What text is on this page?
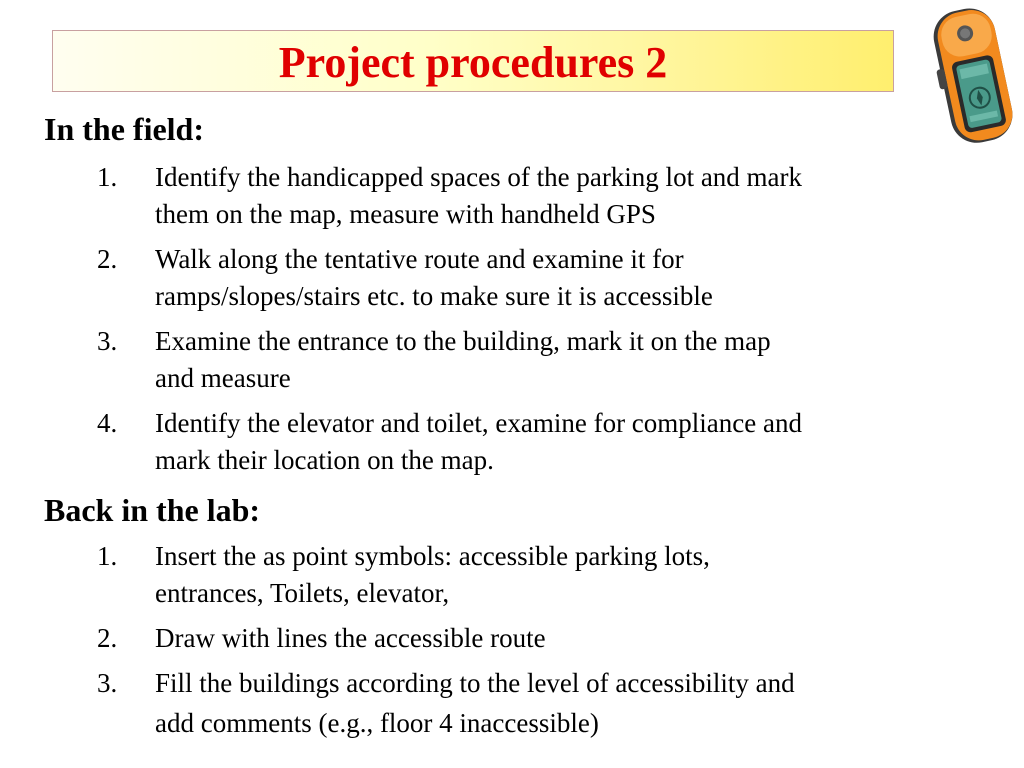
Project procedures 2
In the field:
1. Identify the handicapped spaces of the parking lot and mark
them on the map, measure with handheld GPS
2. Walk along the tentative route and examine it for
ramps/slopes/stairs etc. to make sure it is accessible
3. Examine the entrance to the building, mark it on the map
and measure
4. Identify the elevator and toilet, examine for compliance and
mark their location on the map.
Back in the lab:
1. Insert the as point symbols: accessible parking lots,
entrances, Toilets, elevator,
2. Draw with lines the accessible route
3. Fill the buildings according to the level of accessibility and
add comments (e.g., floor 4 inaccessible)
